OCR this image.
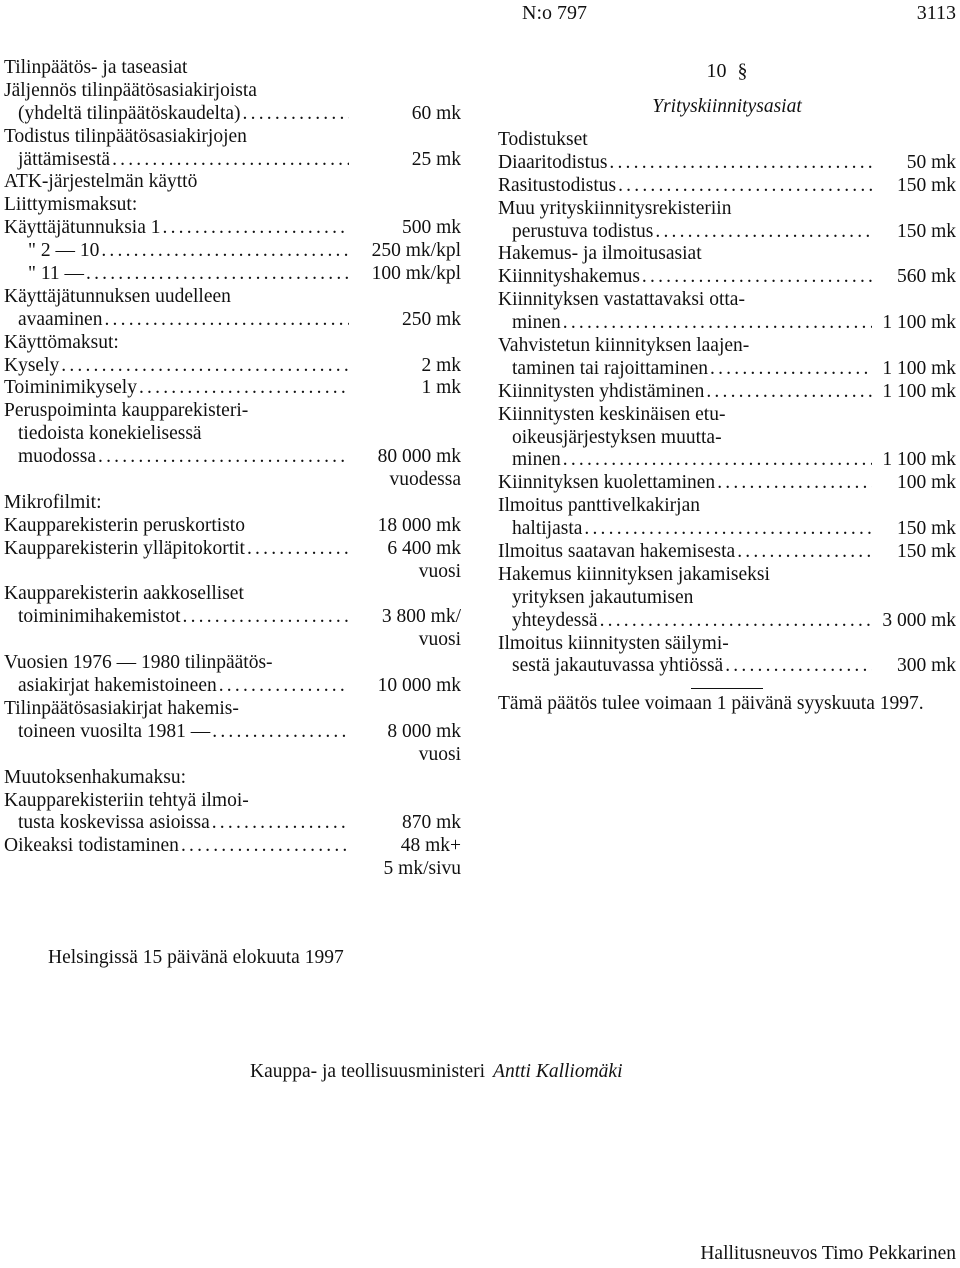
N:o 797	3113
Tilinpäätös- ja taseasiat
Jäljennös tilinpäätösasiakirjoista
(yhdeltä tilinpäätöskaudelta) .....	60 mk
Todistus tilinpäätösasiakirjojen
jättämisestä .....	25 mk
ATK-järjestelmän käyttö
Liittymismaksut:
Käyttäjätunnuksia 1 .....	500 mk
" 2 — 10 .....	250 mk/kpl
" 11 — .....	100 mk/kpl
Käyttäjätunnuksen uudelleen
avaaminen .....	250 mk
Käyttömaksut:
Kysely .....	2 mk
Toiminimikysely .....	1 mk
Peruspoiminta kaupparekisteri-
tiedoista konekielisessä
muodossa .....	80 000 mk
vuodessa
Mikrofilmit:
Kaupparekisterin peruskortisto	18 000 mk
Kaupparekisterin ylläpitokortit .....	6 400 mk
vuosi
Kaupparekisterin aakkoselliset
toiminimihakemistot .....	3 800 mk/
vuosi
Vuosien 1976 — 1980 tilinpäätös-
asiakirjat hakemistoineen .....	10 000 mk
Tilinpäätösasiakirjat hakemis-
toineen vuosilta 1981 — .....	8 000 mk
vuosi
Muutoksenhakumaksu:
Kaupparekisteriin tehtyä ilmoi-
tusta koskevissa asioissa .....	870 mk
Oikeaksi todistaminen .....	48 mk+
5 mk/sivu
10 §
Yrityskiinnitysasiat
Todistukset
Diaaritodistus .....	50 mk
Rasitustodistus .....	150 mk
Muu yrityskiinnitysrekisteriin
perustuva todistus .....	150 mk
Hakemus- ja ilmoitusasiat
Kiinnityshakemus .....	560 mk
Kiinnityksen vastattavaksi otta-
minen .....	1 100 mk
Vahvistetun kiinnityksen laajen-
taminen tai rajoittaminen .....	1 100 mk
Kiinnitysten yhdistäminen .....	1 100 mk
Kiinnitysten keskinäisen etu-
oikeusjärjestyksen muutta-
minen .....	1 100 mk
Kiinnityksen kuolettaminen .....	100 mk
Ilmoitus panttivelkakirjan
haltijasta .....	150 mk
Ilmoitus saatavan hakemisesta .....	150 mk
Hakemus kiinnityksen jakamiseksi
yrityksen jakautumisen
yhteydessä .....	3 000 mk
Ilmoitus kiinnitysten säilymi-
sestä jakautuvassa yhtiössä .....	300 mk
Tämä päätös tulee voimaan 1 päivänä syyskuuta 1997.
Helsingissä 15 päivänä elokuuta 1997
Kauppa- ja teollisuusministeri Antti Kalliomäki
Hallitusneuvos Timo Pekkarinen
